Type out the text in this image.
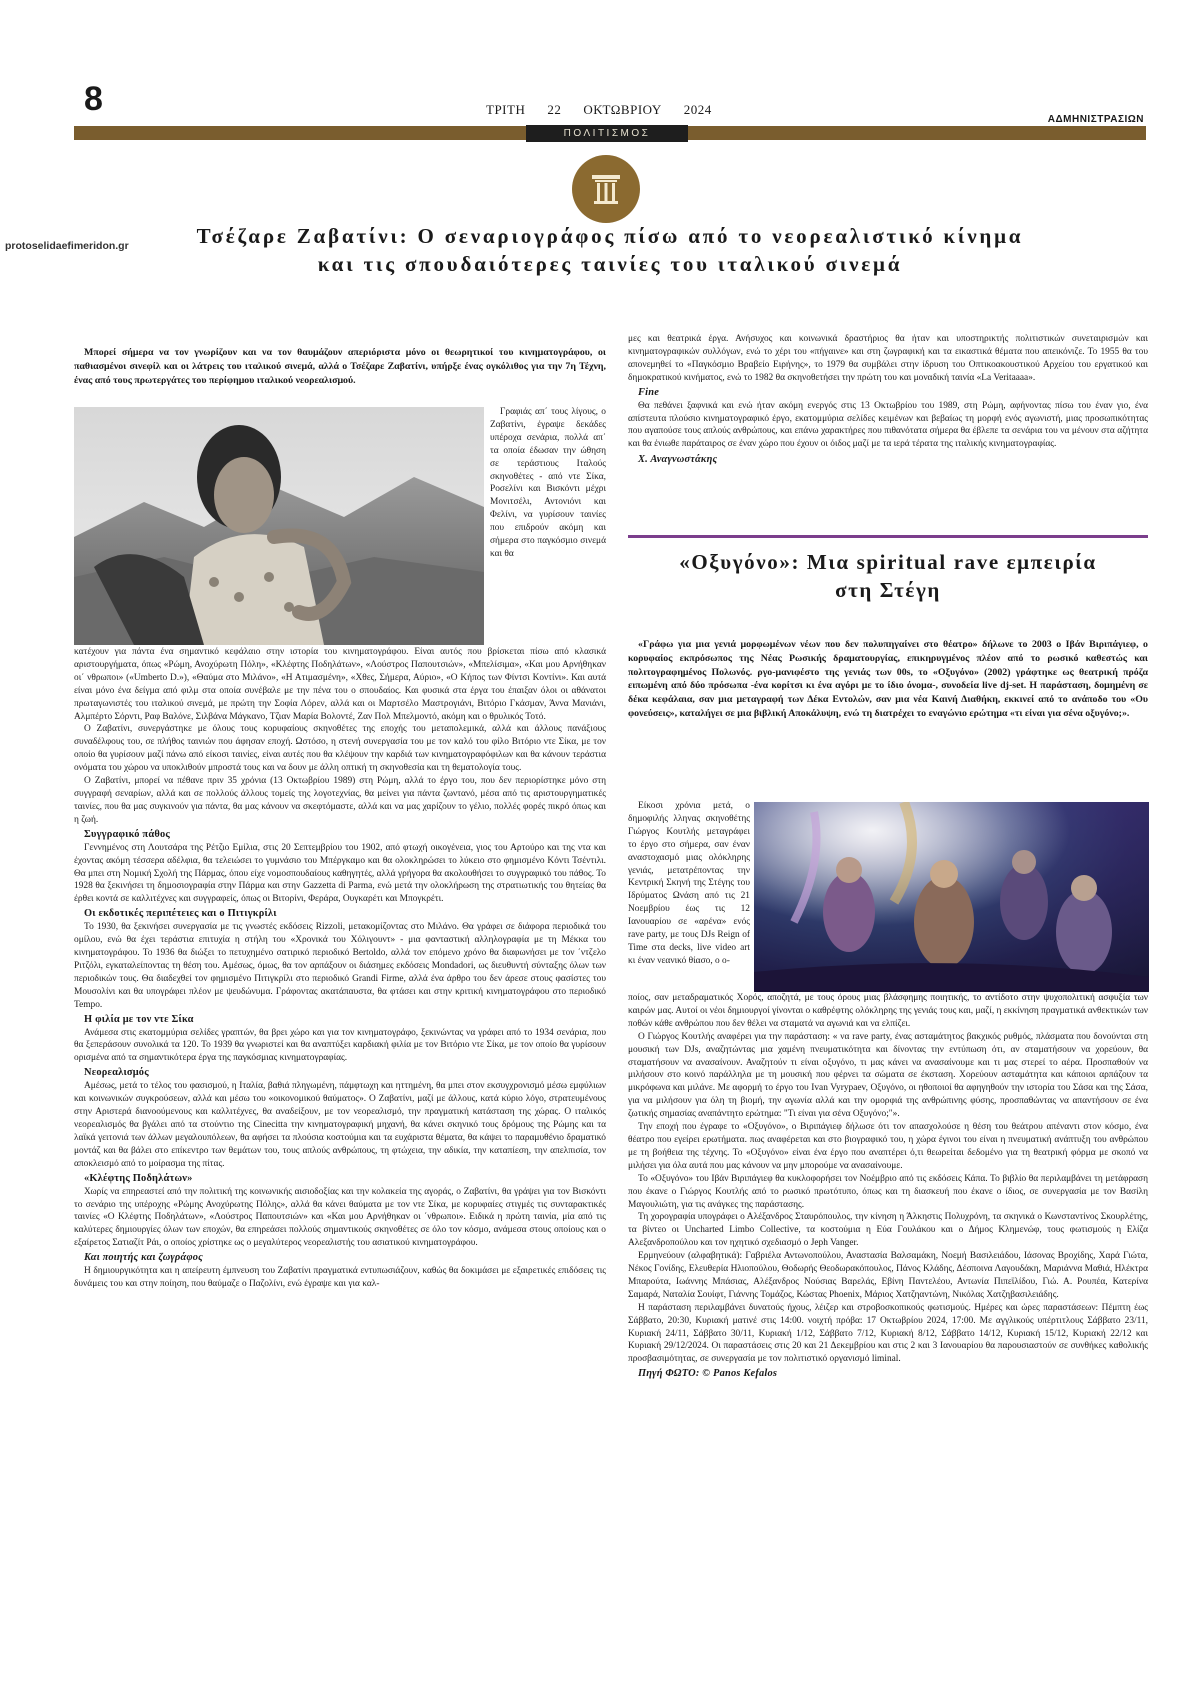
8	ΤΡΙΤΗ 22 ΟΚΤΩΒΡΙΟΥ 2024
ΑΔΜΗΝΙΣΤΡΑΣΙΩΝ
ΠΟΛΙΤΙΣΜΟΣ
protoselidaefimeridon.gr	Τσέζαρε Ζαβατίνι: Ο σεναριογράφος πίσω από το νεορεαλιστικό κίνημα
και τις σπουδαιότερες ταινίες του ιταλικού σινεμά

Μπορεί σήμερα να τον γνωρίζουν και να τον θαυμάζουν απεριόριστα μόνο οι θεωρητικοί του κινηματογράφου, οι παθιασμένοι σινεφίλ και οι λάτρεις του ιταλικού σινεμά, αλλά ο Τσέζαρε Ζαβατίνι, υπήρξε ένας ογκόλιθος για την 7η Τέχνη, ένας από τους πρωτεργάτες του περίφημου ιταλικού νεορεαλισμού.

Γραφιάς απ΄ τους λίγους, ο Ζαβατίνι, έγραψε δεκάδες υπέροχα σενάρια, πολλά απ΄ τα οποία έδωσαν την ώθηση σε τεράστιους Ιταλούς σκηνοθέτες - από ντε Σίκα, Ροσελίνι και Βισκόντι μέχρι Μονιτσέλι, Αντονιόνι και Φελίνι, να γυρίσουν ταινίες που επιδρούν ακόμη και σήμερα στο παγκόσμιο σινεμά και θα

κατέχουν για πάντα ένα σημαντικό κεφάλαιο στην ιστορία του κινηματογράφου. Είναι αυτός που βρίσκεται πίσω από κλασικά αριστουργήματα, όπως «Ρώμη, Ανοχύρωτη Πόλη», «Κλέφτης Ποδηλάτων», «Λούστρος Παπουτσιών», «Μπελίσιμα», «Και μου Αρνήθηκαν οι΄ νθρωποι» («Umberto D.»), «Θαύμα στο Μιλάνο», «Η Ατιμασμένη», «Χθες, Σήμερα, Αύριο», «Ο Κήπος των Φίντσι Κοντίνι». Και αυτά είναι μόνο ένα δείγμα από φιλμ στα οποία συνέβαλε με την πένα του ο σπουδαίος. Και φυσικά στα έργα του έπαιξαν όλοι οι αθάνατοι πρωταγωνιστές του ιταλικού σινεμά, με πρώτη την Σοφία Λόρεν, αλλά και οι Μαρτσέλο Μαστρογιάνι, Βιτόριο Γκάσμαν, Άννα Μανιάνι, Αλμπέρτο Σόρντι, Ραφ Βαλόνε, Σιλβάνα Μάγκανο, Τζιαν Μαρία Βολοντέ, Ζαν Πολ Μπελμοντό, ακόμη και ο θρυλικός Τοτό.

Ο Ζαβατίνι, συνεργάστηκε με όλους τους κορυφαίους σκηνοθέτες της εποχής του μεταπολεμικά, αλλά και άλλους πανάξιους συναδέλφους του, σε πλήθος ταινιών που άφησαν εποχή. Ωστόσο, η στενή συνεργασία του με τον καλό του φίλο Βιτόριο ντε Σίκα, με τον οποίο θα γυρίσουν μαζί πάνω από είκοσι ταινίες, είναι αυτές που θα κλέψουν την καρδιά των κινηματογραφόφιλων και θα κάνουν τεράστια ονόματα του χώρου να υποκλιθούν μπροστά τους και να δουν με άλλη οπτική τη σκηνοθεσία και τη θεματολογία τους.

Ο Ζαβατίνι, μπορεί να πέθανε πριν 35 χρόνια (13 Οκτωβρίου 1989) στη Ρώμη, αλλά το έργο του, που δεν περιορίστηκε μόνο στη συγγραφή σεναρίων, αλλά και σε πολλούς άλλους τομείς της λογοτεχνίας, θα μείνει για πάντα ζωντανό, μέσα από τις αριστουργηματικές ταινίες, που θα μας συγκινούν για πάντα, θα μας κάνουν να σκεφτόμαστε, αλλά και να μας χαρίζουν το γέλιο, πολλές φορές πικρό όπως και η ζωή.

Συγγραφικό πάθος

Γεννημένος στη Λουτσάρα της Ρέτζιο Εμίλια, στις 20 Σεπτεμβρίου του 1902, από φτωχή οικογένεια, γιος του Αρτούρο και της ντα και έχοντας ακόμη τέσσερα αδέλφια, θα τελειώσει το γυμνάσιο του Μπέργκαμο και θα ολοκληρώσει το λύκειο στο φημισμένο Κόντι Τσέντιλι. Θα μπει στη Νομική Σχολή της Πάρμας, όπου είχε νομοσπουδαίους καθηγητές, αλλά γρήγορα θα ακολουθήσει το συγγραφικό του πάθος. Το 1928 θα ξεκινήσει τη δημοσιογραφία στην Πάρμα και στην Gazzetta di Parma, ενώ μετά την ολοκλήρωση της στρατιωτικής του θητείας θα έρθει κοντά σε καλλιτέχνες και συγγραφείς, όπως οι Βιτορίνι, Φεράρα, Ουγκαρέτι και Μπογκρέτι.

Οι εκδοτικές περιπέτειες και ο Πιτιγκρίλι

Το 1930, θα ξεκινήσει συνεργασία με τις γνωστές εκδόσεις Rizzoli, μετακομίζοντας στο Μιλάνο. Θα γράφει σε διάφορα περιοδικά του ομίλου, ενώ θα έχει τεράστια επιτυχία η στήλη του «Χρονικά του Χόλιγουντ» - μια φανταστική αλληλογραφία με τη Μέκκα του κινηματογράφου. Το 1936 θα διώξει το πετυχημένο σατιρικό περιοδικό Bertoldo, αλλά τον επόμενο χρόνο θα διαφωνήσει με τον ΄ντζελο Ριτζόλι, εγκαταλείποντας τη θέση του. Αμέσως, όμως, θα τον αρπάξουν οι διάσημες εκδόσεις Mondadori, ως διευθυντή σύνταξης όλων των περιοδικών τους. Θα διαδεχθεί τον φημισμένο Πιτιγκρίλι στο περιοδικό Grandi Firme, αλλά ένα άρθρο του δεν άρεσε στους φασίστες του Μουσολίνι και θα υπογράφει πλέον με ψευδώνυμα. Γράφοντας ακατάπαυστα, θα φτάσει και στην κριτική κινηματογράφου στο περιοδικό Tempo.

Η φιλία με τον ντε Σίκα

Ανάμεσα στις εκατομμύρια σελίδες γραπτών, θα βρει χώρο και για τον κινηματογράφο, ξεκινώντας να γράφει από το 1934 σενάρια, που θα ξεπεράσουν συνολικά τα 120. Το 1939 θα γνωριστεί και θα αναπτύξει καρδιακή φιλία με τον Βιτόριο ντε Σίκα, με τον οποίο θα γυρίσουν ορισμένα από τα σημαντικότερα έργα της παγκόσμιας κινηματογραφίας.

Νεορεαλισμός

Αμέσως, μετά το τέλος του φασισμού, η Ιταλία, βαθιά πληγωμένη, πάμφτωχη και ηττημένη, θα μπει στον εκσυγχρονισμό μέσω εμφύλιων και κοινωνικών συγκρούσεων, αλλά και μέσω του «οικονομικού θαύματος». Ο Ζαβατίνι, μαζί με άλλους, κατά κύριο λόγο, στρατευμένους στην Αριστερά διανοούμενους και καλλιτέχνες, θα αναδείξουν, με τον νεορεαλισμό, την πραγματική κατάσταση της χώρας. Ο ιταλικός νεορεαλισμός θα βγάλει από τα στούντιο της Cinecitta την κινηματογραφική μηχανή, θα κάνει σκηνικό τους δρόμους της Ρώμης και τα λαϊκά γειτονιά των άλλων μεγαλουπόλεων, θα αφήσει τα πλούσια κοστούμια και τα ευχάριστα θέματα, θα κάψει το παραμυθένιο δραματικό μοντάζ και θα βάλει στο επίκεντρο των θεμάτων του, τους απλούς ανθρώπους, τη φτώχεια, την αδικία, την καταπίεση, την απελπισία, τον αποκλεισμό από το μοίρασμα της πίτας.

«Κλέφτης Ποδηλάτων»

Χωρίς να επηρεαστεί από την πολιτική της κοινωνικής αισιοδοξίας και την κολακεία της αγοράς, ο Ζαβατίνι, θα γράψει για τον Βισκόντι το σενάριο της υπέροχης «Ρώμης Ανοχύρωτης Πόλης», αλλά θα κάνει θαύματα με τον ντε Σίκα, με κορυφαίες στιγμές τις συνταρακτικές ταινίες «Ο Κλέφτης Ποδηλάτων», «Λούστρος Παπουτσιών» και «Και μου Αρνήθηκαν οι ΄νθρωποι». Ειδικά η πρώτη ταινία, μία από τις καλύτερες δημιουργίες όλων των εποχών, θα επηρεάσει πολλούς σημαντικούς σκηνοθέτες σε όλο τον κόσμο, ανάμεσα στους οποίους και ο εξαίρετος Σατιαζίτ Ράι, ο οποίος χρίστηκε ως ο μεγαλύτερος νεορεαλιστής του ασιατικού κινηματογράφου.

Και ποιητής και ζωγράφος

Η δημιουργικότητα και η απείρευτη έμπνευση του Ζαβατίνι πραγματικά εντυπωσιάζουν, καθώς θα δοκιμάσει με εξαιρετικές επιδόσεις τις δυνάμεις του και στην ποίηση, που θαύμαζε ο Παζολίνι, ενώ έγραψε και για καλ-

μες και θεατρικά έργα. Ανήσυχος και κοινωνικά δραστήριος θα ήταν και υποστηρικτής πολιτιστικών συνεταιρισμών και κινηματογραφικών συλλόγων, ενώ το χέρι του «πήγαινε» και στη ζωγραφική και τα εικαστικά θέματα που απεικόνιζε. Το 1955 θα του απονεμηθεί το «Παγκόσμιο Βραβείο Ειρήνης», το 1979 θα συμβάλει στην ίδρυση του Οπτικοακουστικού Αρχείου του εργατικού και δημοκρατικού κινήματος, ενώ το 1982 θα σκηνοθετήσει την πρώτη του και μοναδική ταινία «La Veritaaaa».

Fine

Θα πεθάνει ξαφνικά και ενώ ήταν ακόμη ενεργός στις 13 Οκτωβρίου του 1989, στη Ρώμη, αφήνοντας πίσω του έναν γιο, ένα απίστευτα πλούσιο κινηματογραφικό έργο, εκατομμύρια σελίδες κειμένων και βεβαίως τη μορφή ενός αγωνιστή, μιας προσωπικότητας που αγαπούσε τους απλούς ανθρώπους, και επάνω χαρακτήρες που πιθανότατα σήμερα θα έβλεπε τα σενάρια του να μένουν στα αζήτητα και θα ένιωθε παράταιρος σε έναν χώρο που έχουν οι όιδος μαζί με τα ιερά τέρατα της ιταλικής κινηματογραφίας.

Χ. Αναγνωστάκης
«Οξυγόνο»: Μια spiritual rave εμπειρία
στη Στέγη

«Γράφω για μια γενιά μορφωμένων νέων που δεν πολυπηγαίνει στο θέατρο» δήλωνε το 2003 ο Ιβάν Βιριπάγιεφ, ο κορυφαίος εκπρόσωπος της Νέας Ρωσικής δραματουργίας, επικηρυγμένος πλέον από το ρωσικό καθεστώς και πολιτογραφημένος Πολωνός. ργο-μανιφέστο της γενιάς των 00s, το «Οξυγόνο» (2002) γράφτηκε ως θεατρική πρόζα ειπωμένη από δύο πρόσωπα -ένα κορίτσι κι ένα αγόρι με το ίδιο όνομα-, συνοδεία live dj-set. Η παράσταση, δομημένη σε δέκα κεφάλαια, σαν μια μεταγραφή των Δέκα Εντολών, σαν μια νέα Καινή Διαθήκη, εκκινεί από το ανάποδο του «Ου φονεύσεις», καταλήγει σε μια βιβλική Αποκάλυψη, ενώ τη διατρέχει το εναγώνιο ερώτημα «τι είναι για σένα οξυγόνο;».

Είκοσι χρόνια μετά, ο δημοφιλής λληνας σκηνοθέτης Γιώργος Κουτλής μεταγράφει το έργο στο σήμερα, σαν έναν αναστοχασμό μιας ολόκληρης γενιάς, μετατρέποντας την Κεντρική Σκηνή της Στέγης του Ιδρύματος Ωνάση από τις 21 Νοεμβρίου έως τις 12 Ιανουαρίου σε «αρένα» ενός rave party, με τους DJs Reign of Time στα decks, live video art κι έναν νεανικό θίασο, ο ο-

ποίος, σαν μεταδραματικός Χορός, αποζητά, με τους όρους μιας βλάσφημης ποιητικής, το αντίδοτο στην ψυχοπολιτική ασφυξία των καιρών μας. Αυτοί οι νέοι δημιουργοί γίνονται ο καθρέφτης ολόκληρης της γενιάς τους και, μαζί, η εκκίνηση πραγματικά ανθεκτικών των ποθών κάθε ανθρώπου που δεν θέλει να σταματά να αγωνιά και να ελπίζει.

Ο Γιώργος Κουτλής αναφέρει για την παράσταση: « να rave party, ένας ασταμάτητος βακχικός ρυθμός, πλάσματα που δονούνται στη μουσική των DJs, αναζητώντας μια χαμένη πνευματικότητα και δίνοντας την εντύπωση ότι, αν σταματήσουν να χορεύουν, θα σταματήσουν να ανασαίνουν. Αναζητούν τι είναι οξυγόνο, τι μας κάνει να ανασαίνουμε και τι μας στερεί το αέρα. Προσπαθούν να μιλήσουν στο κοινό παράλληλα με τη μουσική που φέρνει τα σώματα σε έκσταση. Χορεύουν ασταμάτητα και κάποιοι αρπάζουν τα μικρόφωνα και μιλάνε. Με αφορμή το έργο του Ivan Vyrypaev, Οξυγόνο, οι ηθοποιοί θα αφηγηθούν την ιστορία του Σάσα και της Σάσα, για να μιλήσουν για όλη τη βιομή, την αγωνία αλλά και την ομορφιά της ανθρώπινης φύσης, προσπαθώντας να απαντήσουν σε ένα ζωτικής σημασίας αναπάντητο ερώτημα: "Τι είναι για σένα Οξυγόνο;"».

Την εποχή που έγραφε το «Οξυγόνο», ο Βιριπάγιεφ δήλωσε ότι τον απασχολούσε η θέση του θεάτρου απέναντι στον κόσμο, ένα θέατρο που εγείρει ερωτήματα. πως αναφέρεται και στο βιογραφικό του, η χώρα έγινοι του είναι η πνευματική ανάπτυξη του ανθρώπου με τη βοήθεια της τέχνης. Το «Οξυγόνο» είναι ένα έργο που αναπτέρει ό,τι θεωρείται δεδομένο για τη θεατρική φόρμα με σκοπό να μιλήσει για όλα αυτά που μας κάνουν να μην μπορούμε να ανασαίνουμε.

Το «Οξυγόνο» του Ιβάν Βιριπάγιεφ θα κυκλοφορήσει τον Νοέμβριο από τις εκδόσεις Κάπα. Το βιβλίο θα περιλαμβάνει τη μετάφραση που έκανε ο Γιώργος Κουτλής από το ρωσικό πρωτότυπο, όπως και τη διασκευή που έκανε ο ίδιος, σε συνεργασία με τον Βασίλη Μαγουλιώτη, για τις ανάγκες της παράστασης.

Τη χορογραφία υπογράφει ο Αλέξανδρος Σταυρόπουλος, την κίνηση η Άλκηστις Πολυχρόνη, τα σκηνικά ο Κωνσταντίνος Σκουρλέτης, τα βίντεο οι Uncharted Limbo Collective, τα κοστούμια η Εύα Γουλάκου και ο Δήμος Κλημενώφ, τους φωτισμούς η Ελίζα Αλεξανδροπούλου και τον ηχητικό σχεδιασμό ο Jeph Vanger.

Ερμηνεύουν (αλφαβητικά): Γαβριέλα Αντωνοπούλου, Αναστασία Βαλσαμάκη, Νοεμή Βασιλειάδου, Ιάσονας Βροχίδης, Χαρά Γιώτα, Νέκος Γονίδης, Ελευθερία Ηλιοπούλου, Θοδωρής Θεοδωρακόπουλος, Πάνος Κλάδης, Δέσποινα Λαγουδάκη, Μαριάννα Μαθιά, Ηλέκτρα Μπαρούτα, Ιωάννης Μπάσιας, Αλέξανδρος Νούσιας Βαρελάς, Εβίνη Παντελέου, Αντωνία Πιπεϊλίδου, Γιώ. Α. Ρουπέα, Κατερίνα Σαμαρά, Ναταλία Σουίφτ, Γιάννης Τομάζος, Κώστας Phoenix, Μάριος Χατζηαντώνη, Νικόλας Χατζηβασιλειάδης.

Η παράσταση περιλαμβάνει δυνατούς ήχους, λέιζερ και στροβοσκοπικούς φωτισμούς. Ημέρες και ώρες παραστάσεων: Πέμπτη έως Σάββατο, 20:30, Κυριακή ματινέ στις 14:00. νοιχτή πρόβα: 17 Οκτωβρίου 2024, 17:00. Με αγγλικούς υπέρτιτλους Σάββατο 23/11, Κυριακή 24/11, Σάββατο 30/11, Κυριακή 1/12, Σάββατο 7/12, Κυριακή 8/12, Σάββατο 14/12, Κυριακή 15/12, Κυριακή 22/12 και Κυριακή 29/12/2024. Οι παραστάσεις στις 20 και 21 Δεκεμβρίου και στις 2 και 3 Ιανουαρίου θα παρουσιαστούν σε συνθήκες καθολικής προσβασιμότητας, σε συνεργασία με τον πολιτιστικό οργανισμό liminal.

Πηγή ΦΩΤΟ: © Panos Kefalos
